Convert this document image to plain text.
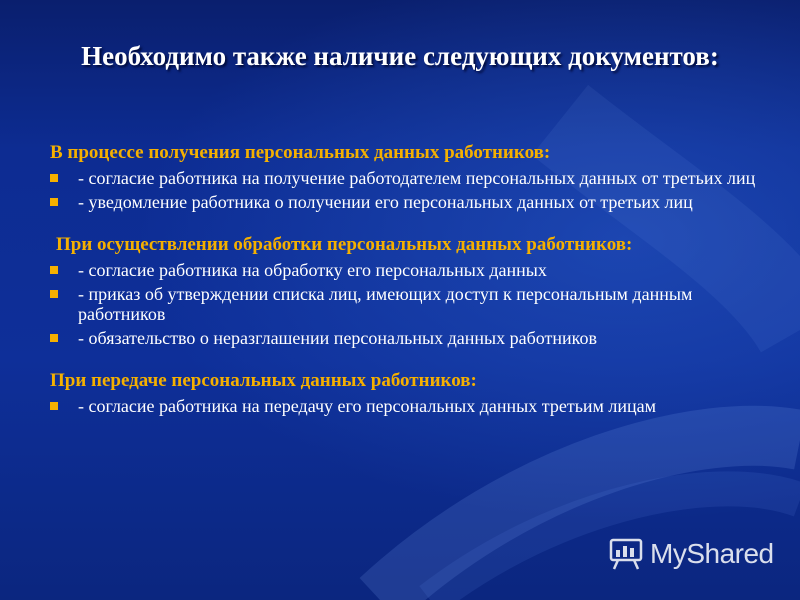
Необходимо также наличие следующих документов:
В процессе получения персональных данных работников:
- согласие работника на получение работодателем персональных данных от третьих лиц
- уведомление работника о получении его персональных данных от третьих лиц
При осуществлении обработки персональных данных работников:
- согласие работника на обработку его персональных данных
- приказ об утверждении списка лиц, имеющих доступ к персональным данным работников
- обязательство о неразглашении персональных данных работников
При передаче персональных данных работников:
- согласие работника на передачу его персональных данных третьим лицам
MyShared
